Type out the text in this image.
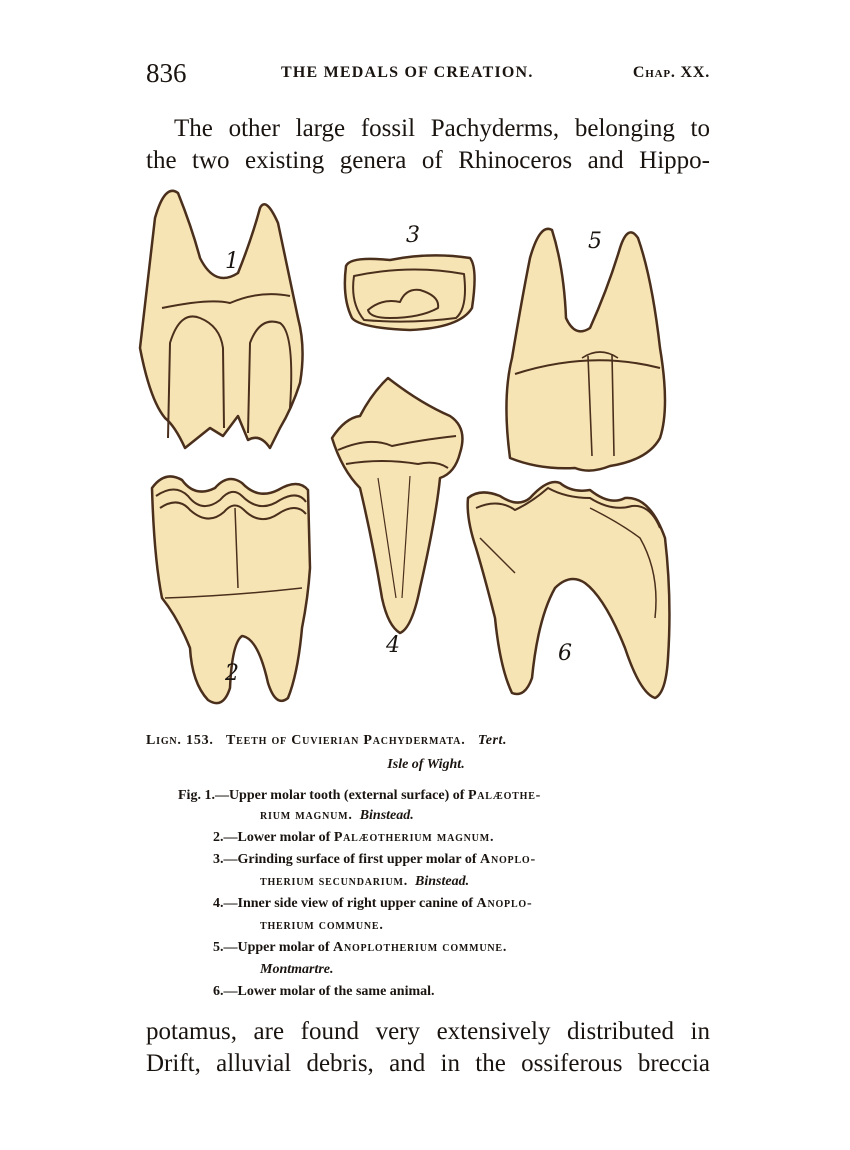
836	THE MEDALS OF CREATION.	Chap. XX.
The other large fossil Pachyderms, belonging to
the two existing genera of Rhinoceros and Hippo-
1
2
3
4
5
6
Lign. 153. Teeth of Cuvierian Pachydermata. Tert.
Isle of Wight.
Fig. 1.—Upper molar tooth (external surface) of Palæothe-
rium magnum. Binstead.
2.—Lower molar of Palæotherium magnum.
3.—Grinding surface of first upper molar of Anoplo-
therium secundarium. Binstead.
4.—Inner side view of right upper canine of Anoplo-
therium commune.
5.—Upper molar of Anoplotherium commune.
Montmartre.
6.—Lower molar of the same animal.
potamus, are found very extensively distributed in
Drift, alluvial debris, and in the ossiferous breccia
